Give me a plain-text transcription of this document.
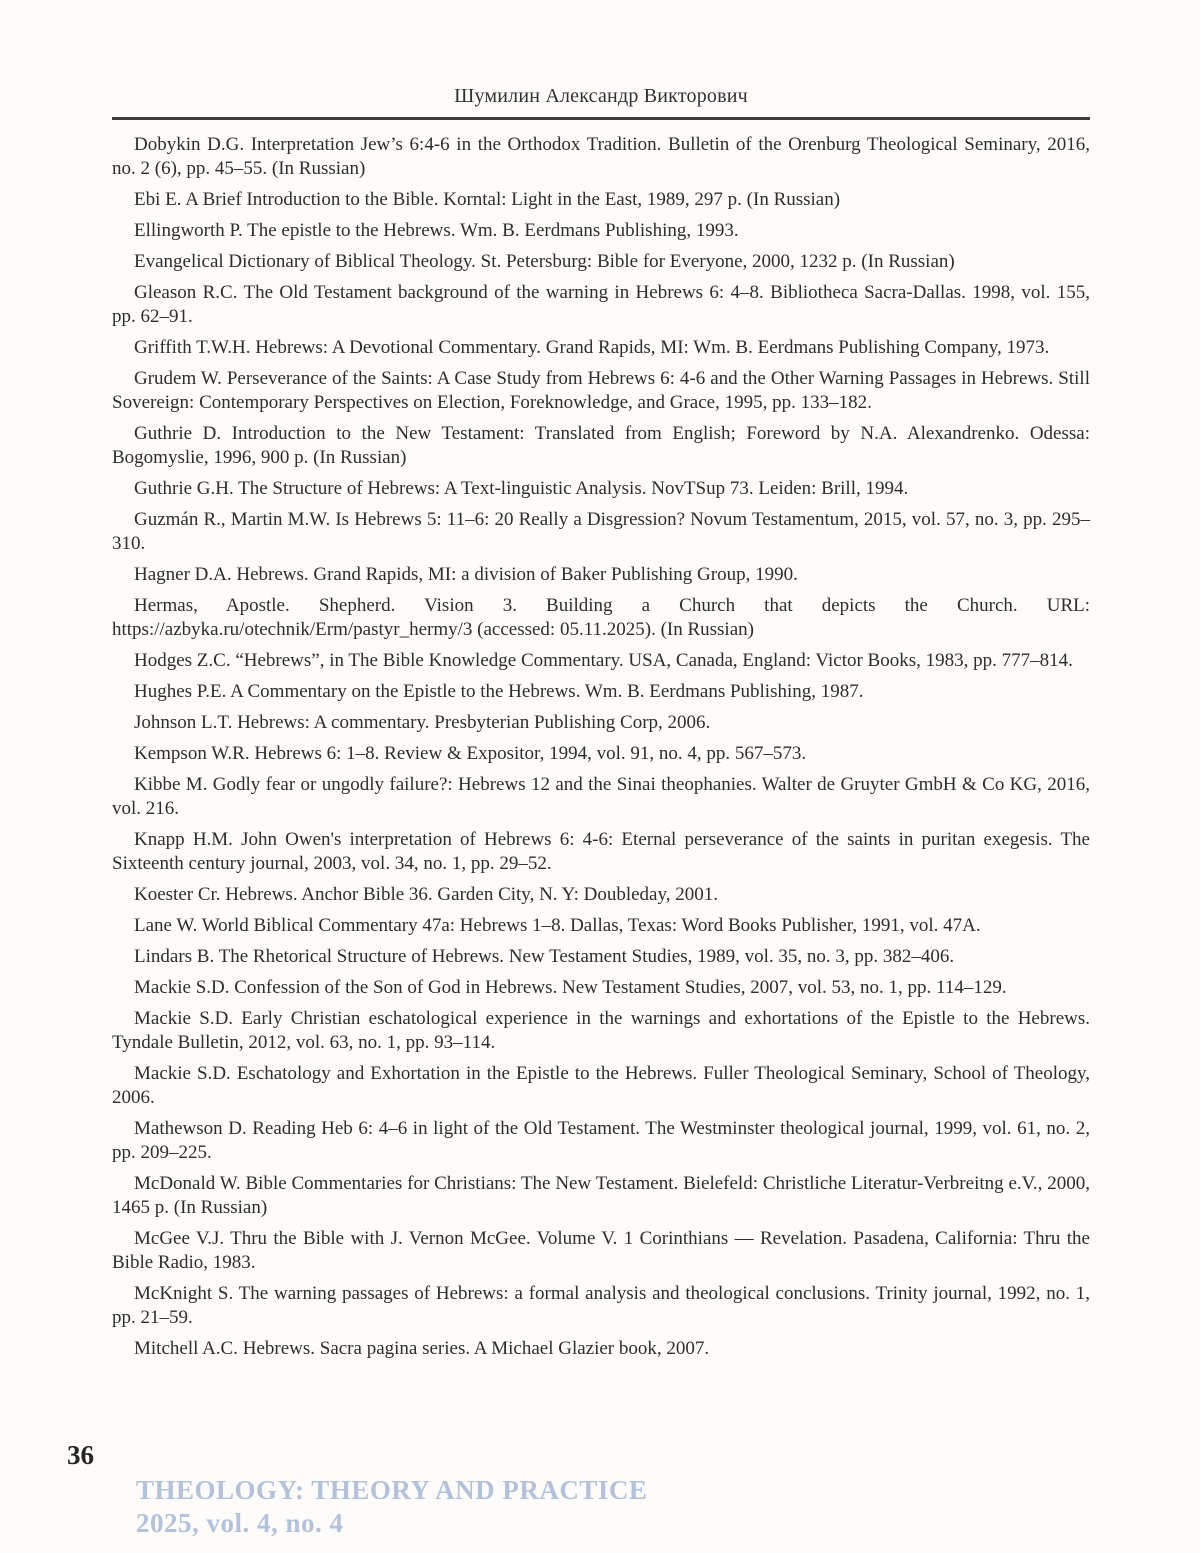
Шумилин Александр Викторович

Dobykin D.G. Interpretation Jew’s 6:4-6 in the Orthodox Tradition. Bulletin of the Orenburg Theological Seminary, 2016, no. 2 (6), pp. 45–55. (In Russian)

Ebi E. A Brief Introduction to the Bible. Korntal: Light in the East, 1989, 297 p. (In Russian)

Ellingworth P. The epistle to the Hebrews. Wm. B. Eerdmans Publishing, 1993.

Evangelical Dictionary of Biblical Theology. St. Petersburg: Bible for Everyone, 2000, 1232 p. (In Russian)

Gleason R.C. The Old Testament background of the warning in Hebrews 6: 4–8. Bibliotheca Sacra-Dallas. 1998, vol. 155, pp. 62–91.

Griffith T.W.H. Hebrews: A Devotional Commentary. Grand Rapids, MI: Wm. B. Eerdmans Publishing Company, 1973.

Grudem W. Perseverance of the Saints: A Case Study from Hebrews 6: 4-6 and the Other Warning Passages in Hebrews. Still Sovereign: Contemporary Perspectives on Election, Foreknowledge, and Grace, 1995, pp. 133–182.

Guthrie D. Introduction to the New Testament: Translated from English; Foreword by N.A. Alexandrenko. Odessa: Bogomyslie, 1996, 900 p. (In Russian)

Guthrie G.H. The Structure of Hebrews: A Text-linguistic Analysis. NovTSup 73. Leiden: Brill, 1994.

Guzmán R., Martin M.W. Is Hebrews 5: 11–6: 20 Really a Disgression? Novum Testamentum, 2015, vol. 57, no. 3, pp. 295–310.

Hagner D.A. Hebrews. Grand Rapids, MI: a division of Baker Publishing Group, 1990.

Hermas, Apostle. Shepherd. Vision 3. Building a Church that depicts the Church. URL: https://azbyka.ru/otechnik/Erm/pastyr_hermy/3 (accessed: 05.11.2025). (In Russian)

Hodges Z.C. “Hebrews”, in The Bible Knowledge Commentary. USA, Canada, England: Victor Books, 1983, pp. 777–814.

Hughes P.E. A Commentary on the Epistle to the Hebrews. Wm. B. Eerdmans Publishing, 1987.

Johnson L.T. Hebrews: A commentary. Presbyterian Publishing Corp, 2006.

Kempson W.R. Hebrews 6: 1–8. Review & Expositor, 1994, vol. 91, no. 4, pp. 567–573.

Kibbe M. Godly fear or ungodly failure?: Hebrews 12 and the Sinai theophanies. Walter de Gruyter GmbH & Co KG, 2016, vol. 216.

Knapp H.M. John Owen's interpretation of Hebrews 6: 4-6: Eternal perseverance of the saints in puritan exegesis. The Sixteenth century journal, 2003, vol. 34, no. 1, pp. 29–52.

Koester Cr. Hebrews. Anchor Bible 36. Garden City, N. Y: Doubleday, 2001.

Lane W. World Biblical Commentary 47a: Hebrews 1–8. Dallas, Texas: Word Books Publisher, 1991, vol. 47A.

Lindars B. The Rhetorical Structure of Hebrews. New Testament Studies, 1989, vol. 35, no. 3, pp. 382–406.

Mackie S.D. Confession of the Son of God in Hebrews. New Testament Studies, 2007, vol. 53, no. 1, pp. 114–129.

Mackie S.D. Early Christian eschatological experience in the warnings and exhortations of the Epistle to the Hebrews. Tyndale Bulletin, 2012, vol. 63, no. 1, pp. 93–114.

Mackie S.D. Eschatology and Exhortation in the Epistle to the Hebrews. Fuller Theological Seminary, School of Theology, 2006.

Mathewson D. Reading Heb 6: 4–6 in light of the Old Testament. The Westminster theological journal, 1999, vol. 61, no. 2, pp. 209–225.

McDonald W. Bible Commentaries for Christians: The New Testament. Bielefeld: Christliche Literatur-Verbreitng e.V., 2000, 1465 p. (In Russian)

McGee V.J. Thru the Bible with J. Vernon McGee. Volume V. 1 Corinthians — Revelation. Pasadena, California: Thru the Bible Radio, 1983.

McKnight S. The warning passages of Hebrews: a formal analysis and theological conclusions. Trinity journal, 1992, no. 1, pp. 21–59.

Mitchell A.C. Hebrews. Sacra pagina series. A Michael Glazier book, 2007.

36
THEOLOGY: THEORY AND PRACTICE
2025, vol. 4, no. 4
